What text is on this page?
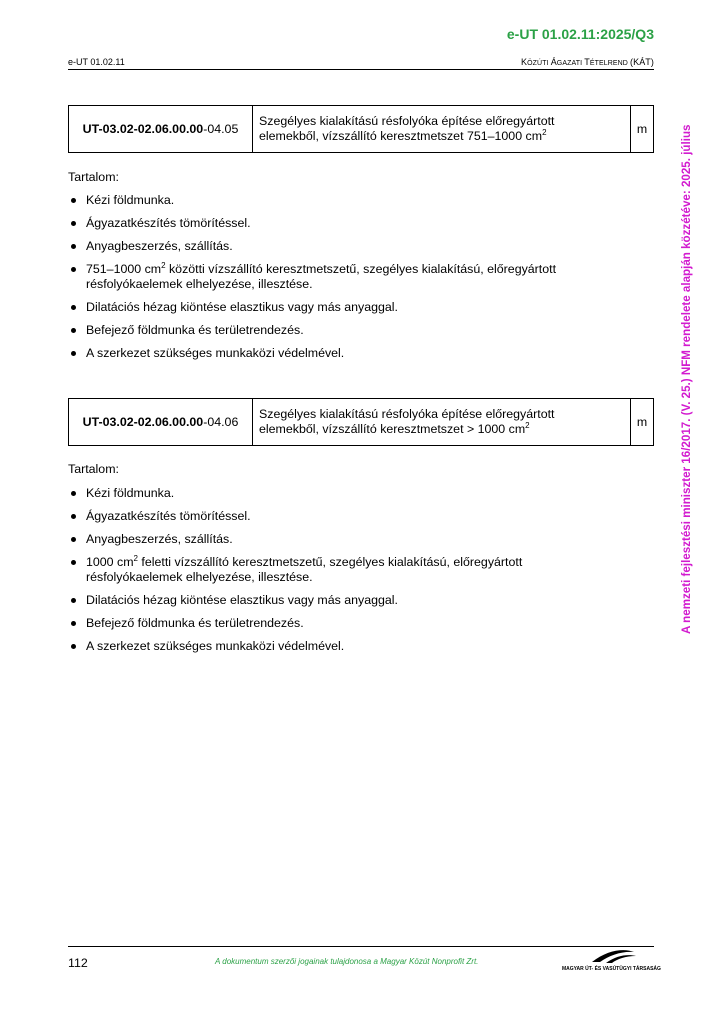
e-UT 01.02.11:2025/Q3
e-UT 01.02.11	KÖZÚTI ÁGAZATI TÉTELREND (KÁT)
A nemzeti fejlesztési miniszter 16/2017. (V. 25.) NFM rendelete alapján közzétéve: 2025. július
UT-03.02-02.06.00.00 -04.05
Szegélyes kialakítású résfolyóka építése előregyártott
elemekből, vízszállító keresztmetszet 751–1000 $cm^2$	m
Tartalom:
Kézi földmunka.
Ágyazatkészítés tömörítéssel.
Anyagbeszerzés, szállítás.
751–1000 $cm^2$ közötti vízszállító keresztmetszetű, szegélyes kialakítású, előregyártott
résfolyókaelemek elhelyezése, illesztése.
Dilatációs hézag kiöntése elasztikus vagy más anyaggal.
Befejező földmunka és területrendezés.
A szerkezet szükséges munkaközi védelmével.
UT-03.02-02.06.00.00 -04.06
Szegélyes kialakítású résfolyóka építése előregyártott
elemekből, vízszállító keresztmetszet > 1000 $cm^2$	m
Tartalom:
Kézi földmunka.
Ágyazatkészítés tömörítéssel.
Anyagbeszerzés, szállítás.
1000 $cm^2$ feletti vízszállító keresztmetszetű, szegélyes kialakítású, előregyártott
résfolyókaelemek elhelyezése, illesztése.
Dilatációs hézag kiöntése elasztikus vagy más anyaggal.
Befejező földmunka és területrendezés.
A szerkezet szükséges munkaközi védelmével.
112	A dokumentum szerzői jogainak tulajdonosa a Magyar Közút Nonprofit Zrt.
MAGYAR ÚT- ÉS VASÚTÜGYI TÁRSASÁG
